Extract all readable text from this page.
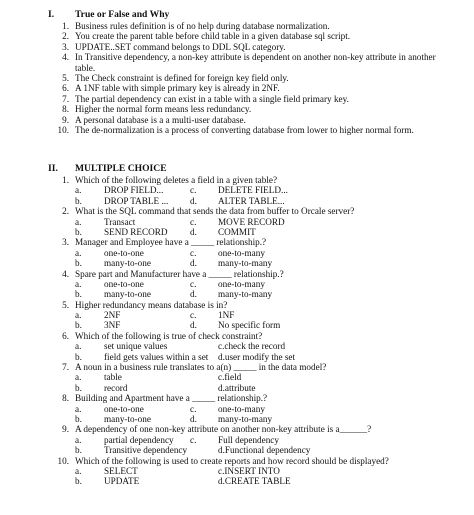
I. True or False and Why
1. Business rules definition is of no help during database normalization.
2. You create the parent table before child table in a given database sql script.
3. UPDATE..SET command belongs to DDL SQL category.
4. In Transitive dependency, a non-key attribute is dependent on another non-key attribute in another table.
5. The Check constraint is defined for foreign key field only.
6. A 1NF table with simple primary key is already in 2NF.
7. The partial dependency can exist in a table with a single field primary key.
8. Higher the normal form means less redundancy.
9. A personal database is a a multi-user database.
10. The de-normalization is a process of converting database from lower to higher normal form.
II. MULTIPLE CHOICE
1. Which of the following deletes a field in a given table?
a. DROP FIELD...	c. DELETE FIELD...
b. DROP TABLE ... d. ALTER TABLE...
2. What is the SQL command that sends the data from buffer to Orcale server?
a. Transact	c. MOVE RECORD
b. SEND RECORD d. COMMIT
3. Manager and Employee have a _____ relationship.?
a. one-to-one	c. one-to-many
b. many-to-one	d. many-to-many
4. Spare part and Manufacturer have a _____ relationship.?
a. one-to-one	c. one-to-many
b. many-to-one	d. many-to-many
5. Higher redundancy means database is in?
a. 2NF	c. 1NF
b. 3NF	d. No specific form
6. Which of the following is true of check constraint?
a. set unique values	c.check the record
b. field gets values within a set d.user modify the set
7. A noun in a business rule translates to a(n) _____ in the data model?
a. table	c.field
b. record	d.attribute
8. Building and Apartment have a _____ relationship.?
a. one-to-one	c. one-to-many
b. many-to-one	d. many-to-many
9. A dependency of one non-key attribute on another non-key attribute is a______?
a. partial dependency c. Full dependency
b. Transitive dependency	d.Functional dependency
10. Which of the following is used to create reports and how record should be displayed?
a. SELECT	c.INSERT INTO
b. UPDATE	d.CREATE TABLE
